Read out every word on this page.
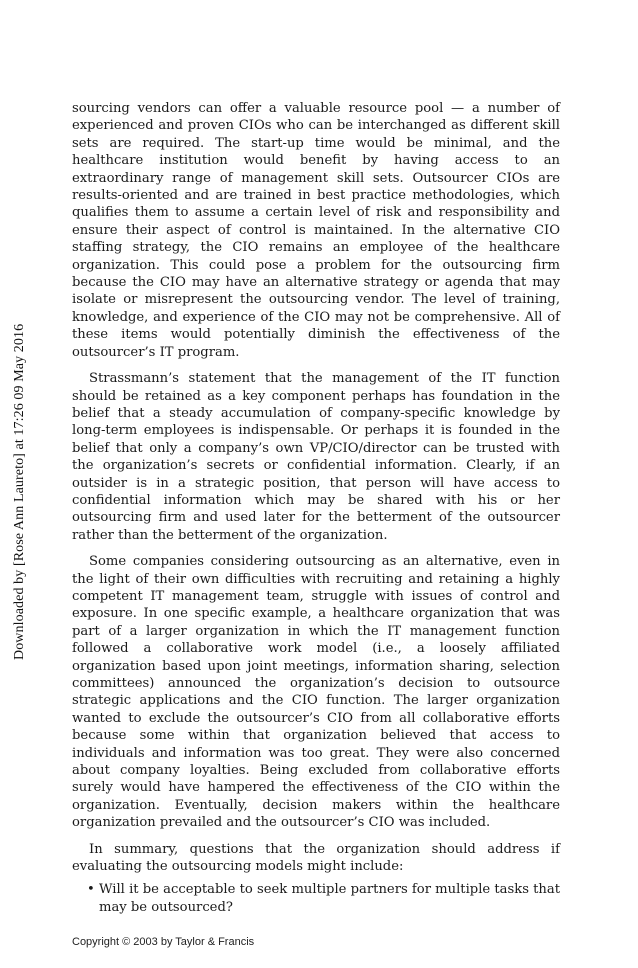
Downloaded by [Rose Ann Laureto] at 17:26 09 May 2016

sourcing vendors can offer a valuable resource pool — a number of experienced and proven CIOs who can be interchanged as different skill sets are required. The start-up time would be minimal, and the healthcare institution would benefit by having access to an extraordinary range of management skill sets. Outsourcer CIOs are results-oriented and are trained in best practice methodologies, which qualifies them to assume a certain level of risk and responsibility and ensure their aspect of control is maintained. In the alternative CIO staffing strategy, the CIO remains an employee of the healthcare organization. This could pose a problem for the outsourcing firm because the CIO may have an alternative strategy or agenda that may isolate or misrepresent the outsourcing vendor. The level of training, knowledge, and experience of the CIO may not be comprehensive. All of these items would potentially diminish the effectiveness of the outsourcer’s IT program.

Strassmann’s statement that the management of the IT function should be retained as a key component perhaps has foundation in the belief that a steady accumulation of company-specific knowledge by long-term employees is indispensable. Or perhaps it is founded in the belief that only a company’s own VP/CIO/director can be trusted with the organization’s secrets or confidential information. Clearly, if an outsider is in a strategic position, that person will have access to confidential information which may be shared with his or her outsourcing firm and used later for the betterment of the outsourcer rather than the betterment of the organization.

Some companies considering outsourcing as an alternative, even in the light of their own difficulties with recruiting and retaining a highly competent IT management team, struggle with issues of control and exposure. In one specific example, a healthcare organization that was part of a larger organization in which the IT management function followed a collaborative work model (i.e., a loosely affiliated organization based upon joint meetings, information sharing, selection committees) announced the organization’s decision to outsource strategic applications and the CIO function. The larger organization wanted to exclude the outsourcer’s CIO from all collaborative efforts because some within that organization believed that access to individuals and information was too great. They were also concerned about company loyalties. Being excluded from collaborative efforts surely would have hampered the effectiveness of the CIO within the organization. Eventually, decision makers within the healthcare organization prevailed and the outsourcer’s CIO was included.

In summary, questions that the organization should address if evaluating the outsourcing models might include:

• Will it be acceptable to seek multiple partners for multiple tasks that may be outsourced?
Copyright © 2003 by Taylor & Francis
